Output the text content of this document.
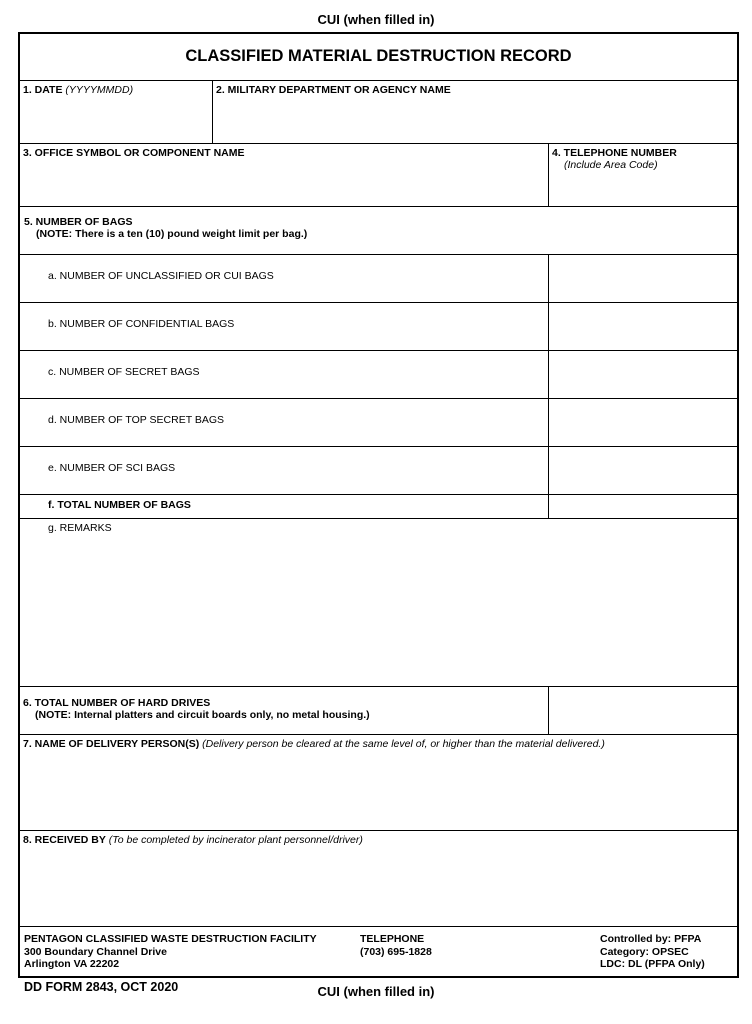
CUI (when filled in)
CLASSIFIED MATERIAL DESTRUCTION RECORD
1. DATE (YYYYMMDD)	2. MILITARY DEPARTMENT OR AGENCY NAME
3. OFFICE SYMBOL OR COMPONENT NAME	4. TELEPHONE NUMBER
(Include Area Code)
5. NUMBER OF BAGS
(NOTE: There is a ten (10) pound weight limit per bag.)
a. NUMBER OF UNCLASSIFIED OR CUI BAGS
b. NUMBER OF CONFIDENTIAL BAGS
c. NUMBER OF SECRET BAGS
d. NUMBER OF TOP SECRET BAGS
e. NUMBER OF SCI BAGS
f. TOTAL NUMBER OF BAGS
g. REMARKS
6. TOTAL NUMBER OF HARD DRIVES
(NOTE: Internal platters and circuit boards only, no metal housing.)
7. NAME OF DELIVERY PERSON(S) (Delivery person be cleared at the same level of, or higher than the material delivered.)
8. RECEIVED BY (To be completed by incinerator plant personnel/driver)
PENTAGON CLASSIFIED WASTE DESTRUCTION FACILITY
300 Boundary Channel Drive
Arlington VA 22202
TELEPHONE
(703) 695-1828
Controlled by: PFPA
Category: OPSEC
LDC: DL (PFPA Only)
DD FORM 2843, OCT 2020	CUI (when filled in)
